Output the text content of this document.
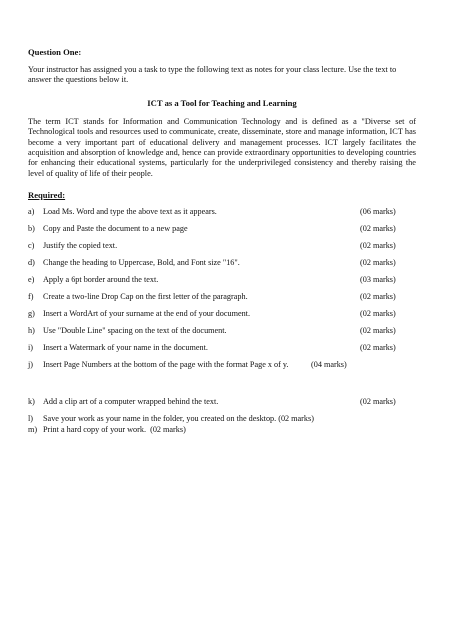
Question One:
Your instructor has assigned you a task to type the following text as notes for your class lecture. Use the text to answer the questions below it.
ICT as a Tool for Teaching and Learning
The term ICT stands for Information and Communication Technology and is defined as a "Diverse set of Technological tools and resources used to communicate, create, disseminate, store and manage information, ICT has become a very important part of educational delivery and management processes. ICT largely facilitates the acquisition and absorption of knowledge and, hence can provide extraordinary opportunities to developing countries for enhancing their educational systems, particularly for the underprivileged consistency and thereby raising the level of quality of life of their people.
Required:
a)	Load Ms. Word and type the above text as it appears.	(06 marks)
b) Copy and Paste the document to a new page	(02 marks)
c)	Justify the copied text.	(02 marks)
d) Change the heading to Uppercase, Bold, and Font size "16".	(02 marks)
e)	Apply a 6pt border around the text.	(03 marks)
f)	Create a two-line Drop Cap on the first letter of the paragraph.	(02 marks)
g) Insert a WordArt of your surname at the end of your document.	(02 marks)
h) Use "Double Line" spacing on the text of the document.	(02 marks)
i)	Insert a Watermark of your name in the document.	(02 marks)
j)	Insert Page Numbers at the bottom of the page with the format Page x of y.           (04 marks)
k) Add a clip art of a computer wrapped behind the text.	(02 marks)
l)	Save your work as your name in the folder, you created on the desktop. (02 marks)
m) Print a hard copy of your work.  (02 marks)
